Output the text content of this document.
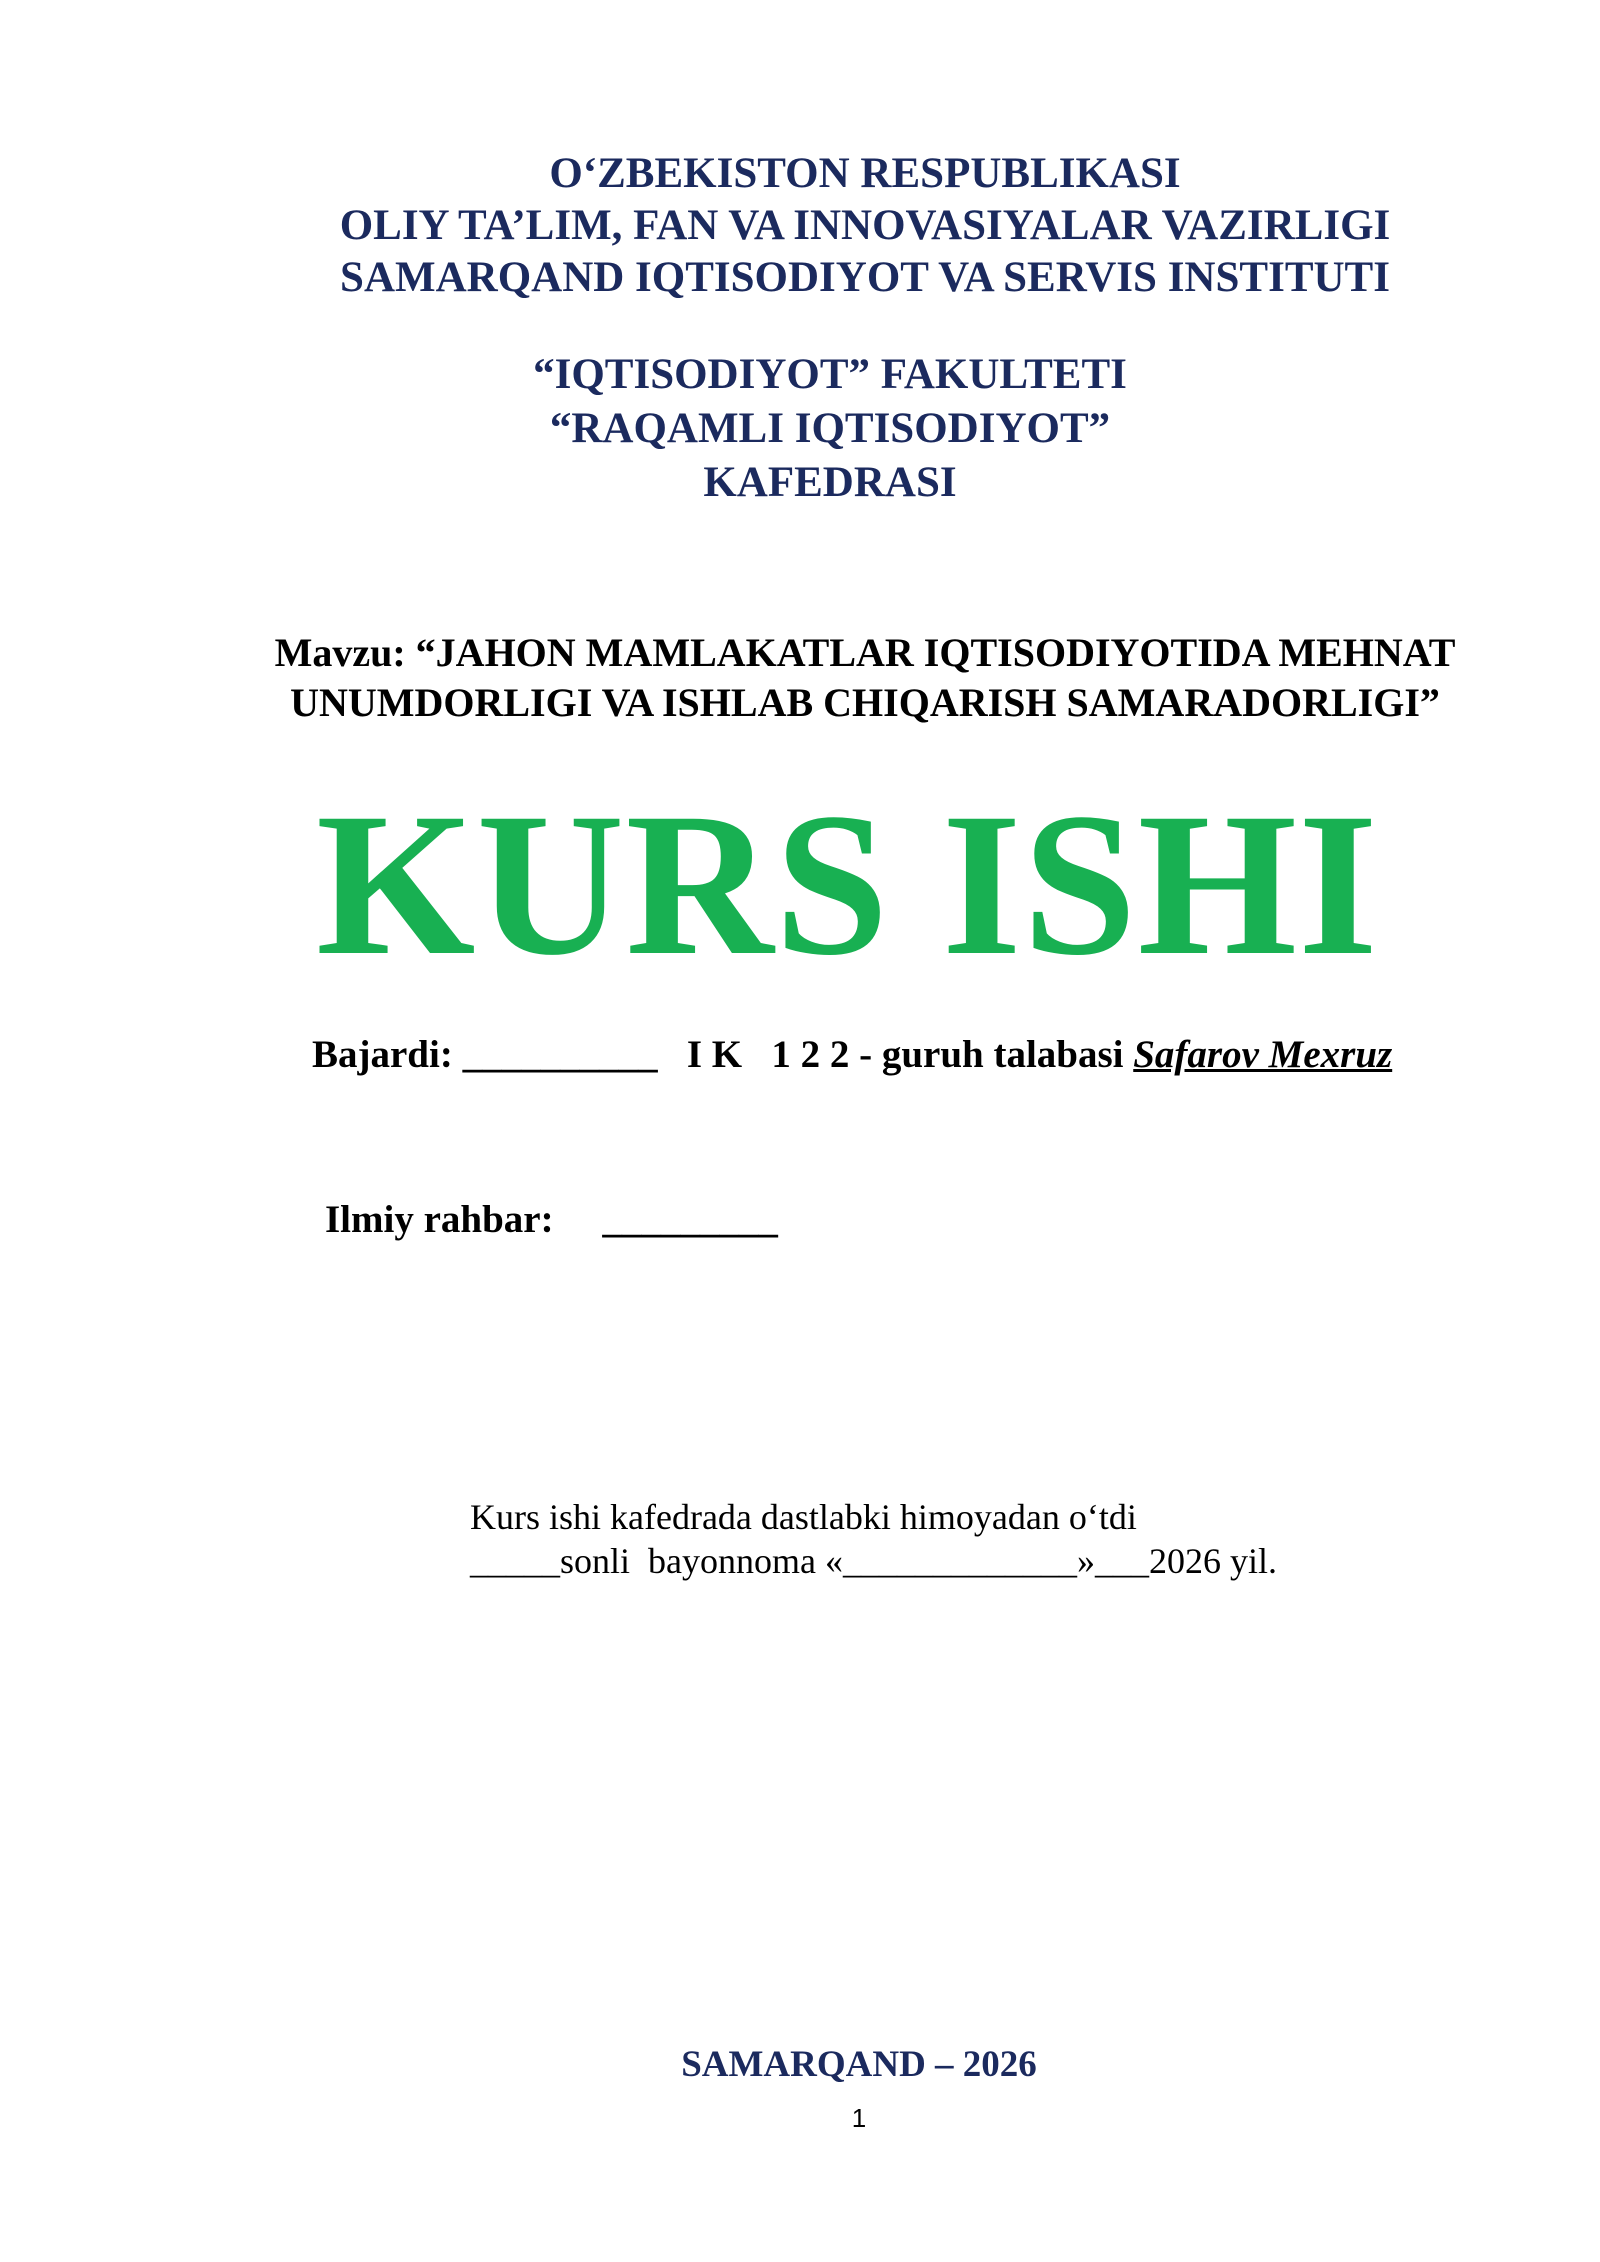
O‘ZBEKISTON RESPUBLIKASI
OLIY TA’LIM, FAN VA INNOVASIYALAR VAZIRLIGI
SAMARQAND IQTISODIYOT VA SERVIS INSTITUTI
“IQTISODIYOT” FAKULTETI
“RAQAMLI IQTISODIYOT”
KAFEDRASI
Mavzu: “JAHON MAMLAKATLAR IQTISODIYOTIDA MEHNAT
UNUMDORLIGI VA ISHLAB CHIQARISH SAMARADORLIGI”
KURS ISHI
Bajardi: __________ I K   1 2 2 - guruh talabasi Safarov Mexruz
Ilmiy rahbar: _________
Kurs ishi kafedrada dastlabki himoyadan o‘tdi
_____sonli  bayonnoma «_____________»___2026 yil.
SAMARQAND – 2026
1
